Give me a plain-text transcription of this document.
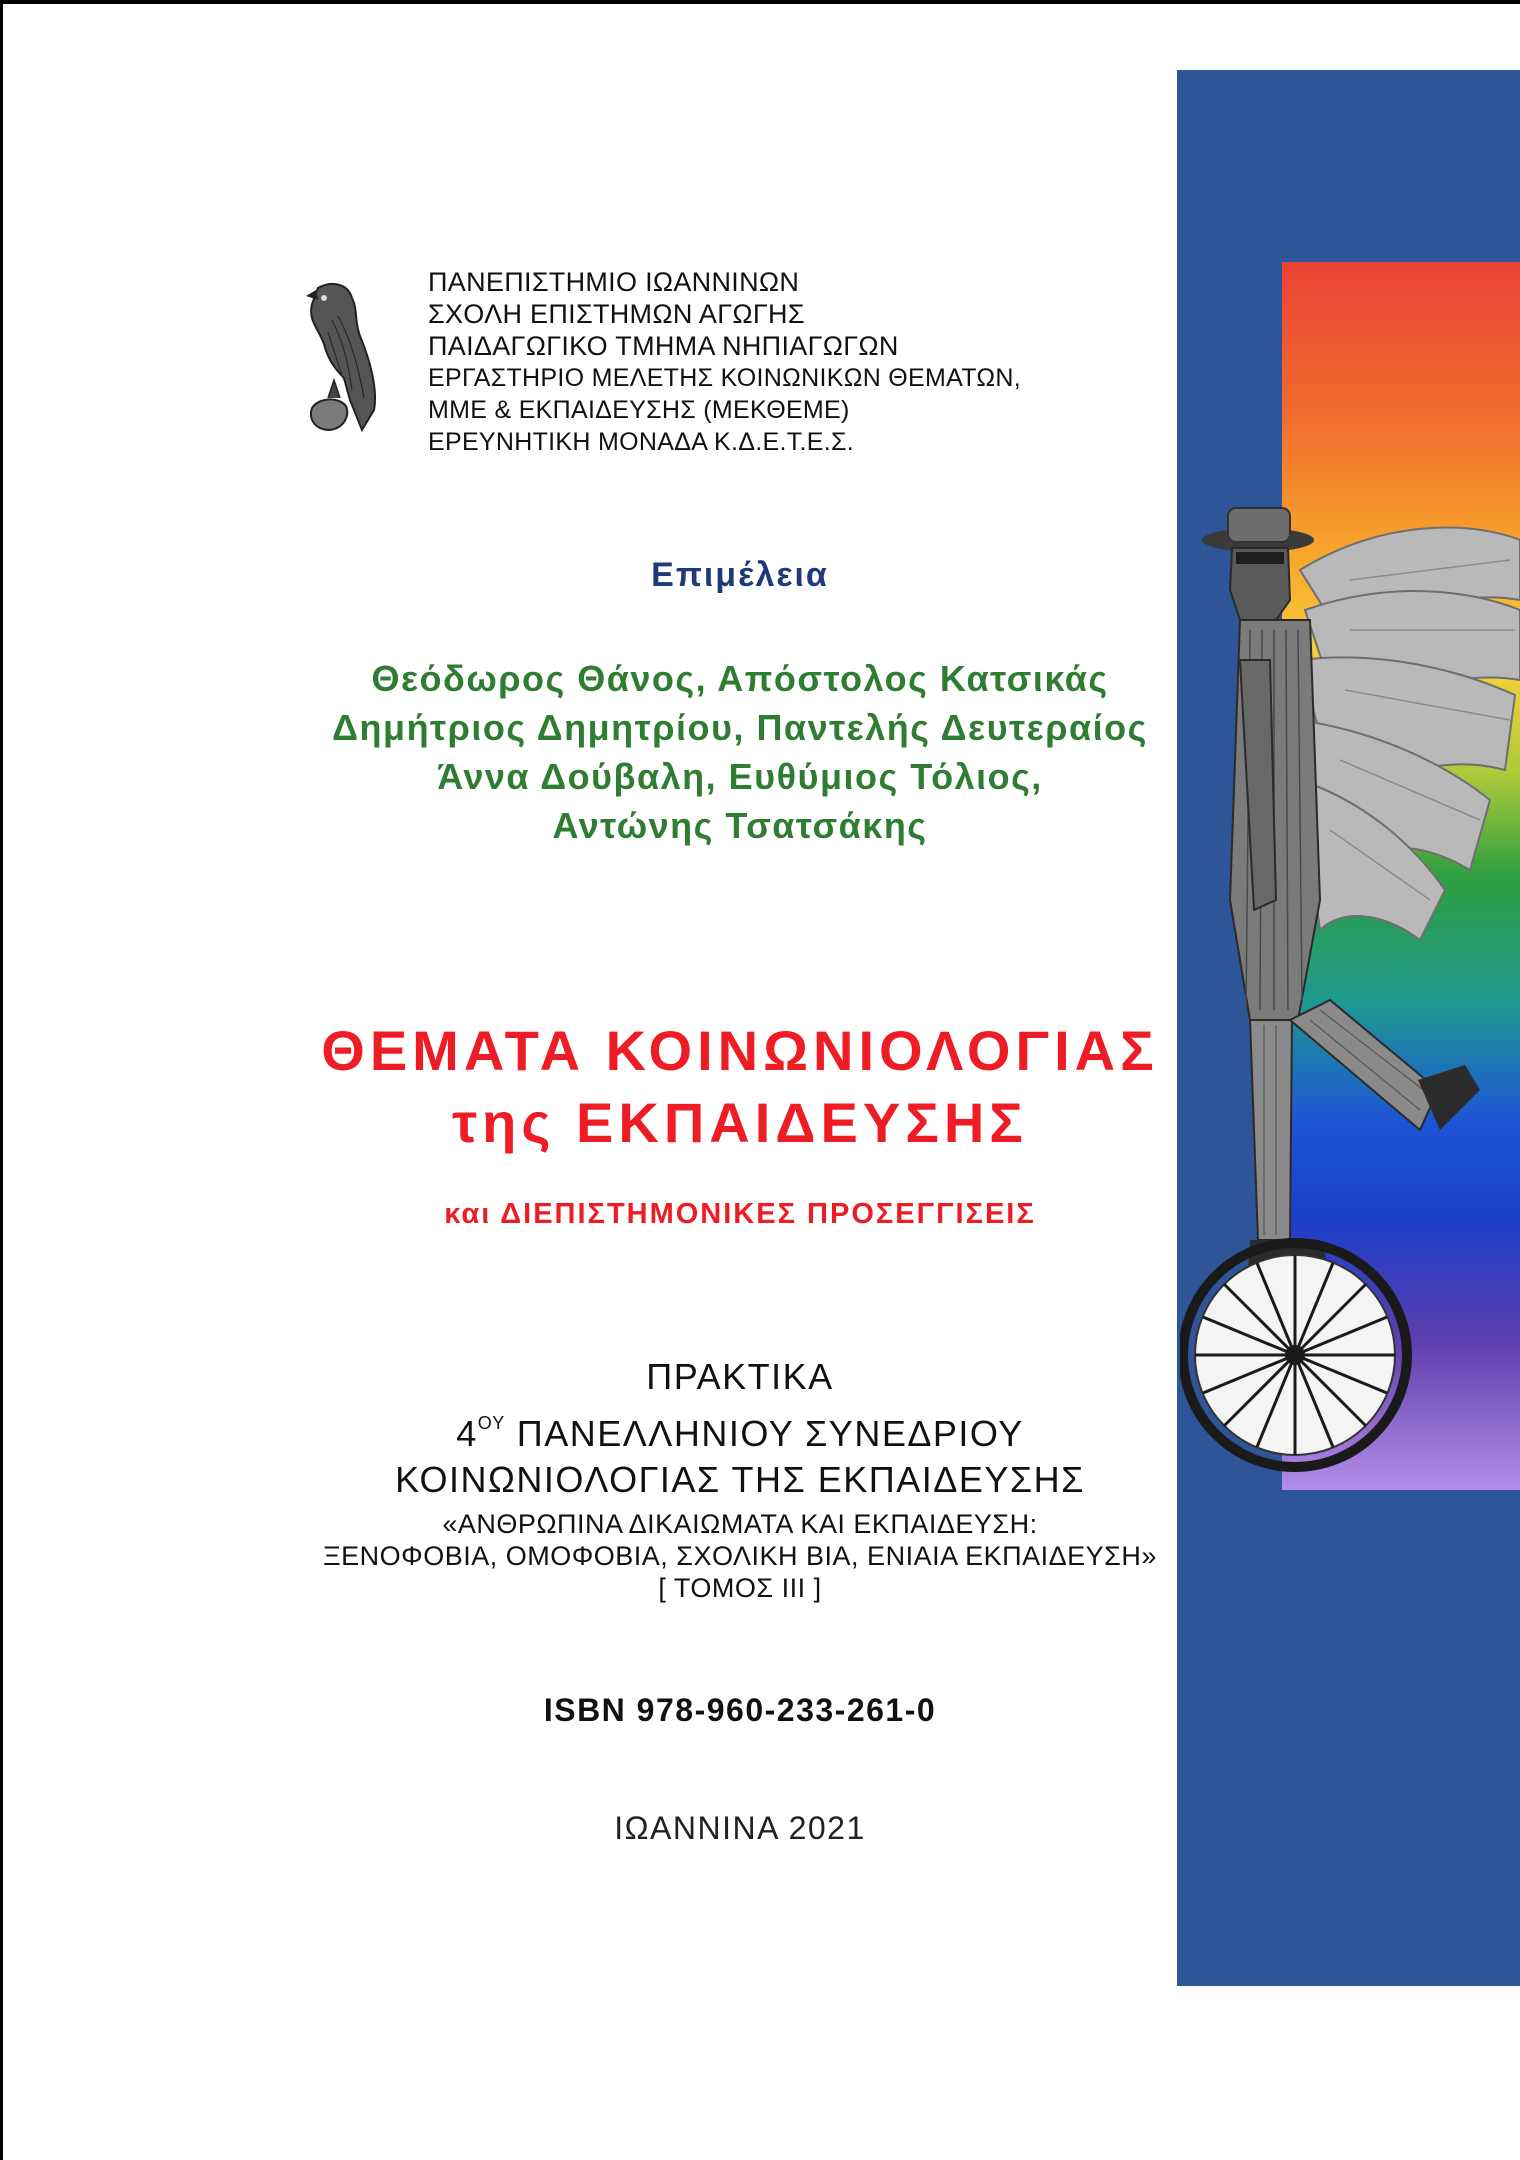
ΠΑΝΕΠΙΣΤΗΜΙΟ ΙΩΑΝΝΙΝΩΝ
ΣΧΟΛΗ ΕΠΙΣΤΗΜΩΝ ΑΓΩΓΗΣ
ΠΑΙΔΑΓΩΓΙΚΟ ΤΜΗΜΑ ΝΗΠΙΑΓΩΓΩΝ
ΕΡΓΑΣΤΗΡΙΟ ΜΕΛΕΤΗΣ ΚΟΙΝΩΝΙΚΩΝ ΘΕΜΑΤΩΝ,
ΜΜΕ & ΕΚΠΑΙΔΕΥΣΗΣ (ΜΕΚΘΕΜΕ)
ΕΡΕΥΝΗΤΙΚΗ ΜΟΝΑΔΑ Κ.Δ.Ε.Τ.Ε.Σ.
Επιμέλεια
Θεόδωρος Θάνος, Απόστολος Κατσικάς
Δημήτριος Δημητρίου, Παντελής Δευτεραίος
Άννα Δούβαλη, Ευθύμιος Τόλιος,
Αντώνης Τσατσάκης
ΘΕΜΑΤΑ ΚΟΙΝΩΝΙΟΛΟΓΙΑΣ
της ΕΚΠΑΙΔΕΥΣΗΣ
και ΔΙΕΠΙΣΤΗΜΟΝΙΚΕΣ ΠΡΟΣΕΓΓΙΣΕΙΣ
ΠΡΑΚΤΙΚΑ
$4^{O\Upsilon}$ ΠΑΝΕΛΛΗΝΙΟΥ ΣΥΝΕΔΡΙΟΥ
ΚΟΙΝΩΝΙΟΛΟΓΙΑΣ ΤΗΣ ΕΚΠΑΙΔΕΥΣΗΣ
«ΑΝΘΡΩΠΙΝΑ ΔΙΚΑΙΩΜΑΤΑ ΚΑΙ ΕΚΠΑΙΔΕΥΣΗ:
ΞΕΝΟΦΟΒΙΑ, ΟΜΟΦΟΒΙΑ, ΣΧΟΛΙΚΗ ΒΙΑ, ΕΝΙΑΙΑ ΕΚΠΑΙΔΕΥΣΗ»
[ ΤΟΜΟΣ ΙΙΙ ]
ISBN 978-960-233-261-0
ΙΩΑΝΝΙΝΑ 2021
